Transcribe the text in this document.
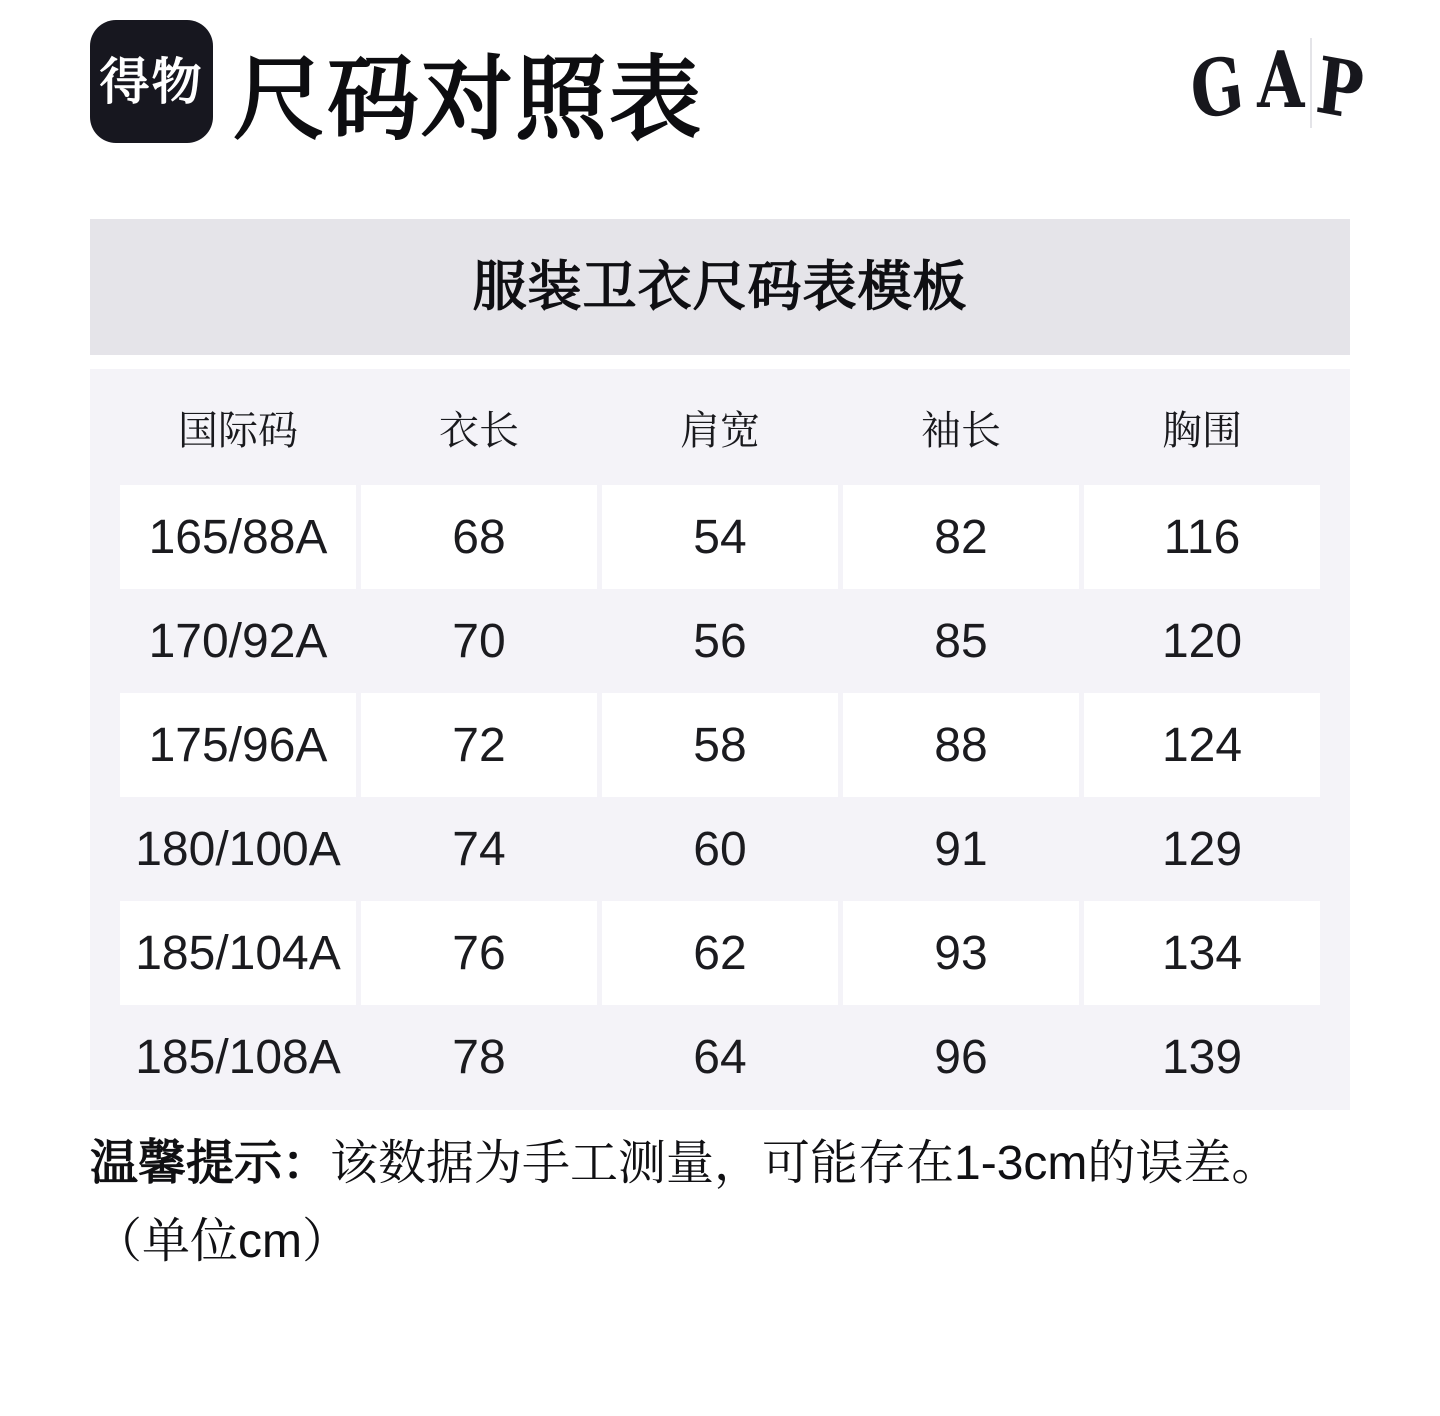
得物 尺码对照表	G A P
服装卫衣尺码表模板
国际码	衣长	肩宽	袖长	胸围
165/88A	68	54	82	116
170/92A	70	56	85	120
175/96A	72	58	88	124
180/100A	74	60	91	129
185/104A	76	62	93	134
185/108A	78	64	96	139

温馨提示：该数据为手工测量，可能存在1-3cm的误差。

（单位cm）
